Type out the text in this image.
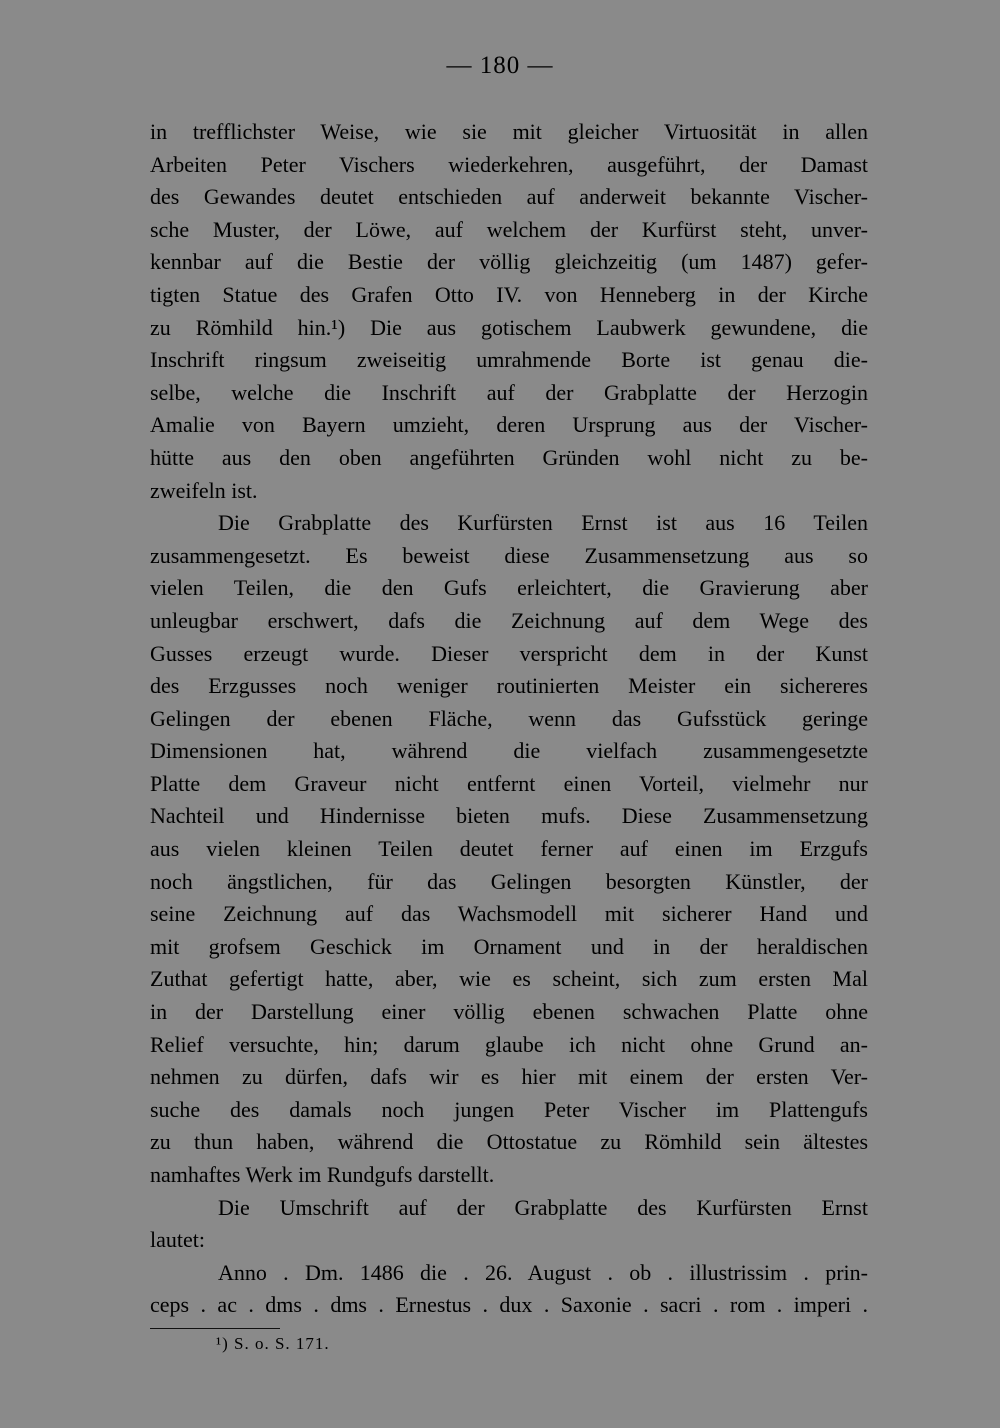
— 180 —
in trefflichster Weise, wie sie mit gleicher Virtuosität in allen
Arbeiten Peter Vischers wiederkehren, ausgeführt, der Damast
des Gewandes deutet entschieden auf anderweit bekannte Vischer-
sche Muster, der Löwe, auf welchem der Kurfürst steht, unver-
kennbar auf die Bestie der völlig gleichzeitig (um 1487) gefer-
tigten Statue des Grafen Otto IV. von Henneberg in der Kirche
zu Römhild hin.¹) Die aus gotischem Laubwerk gewundene, die
Inschrift ringsum zweiseitig umrahmende Borte ist genau die-
selbe, welche die Inschrift auf der Grabplatte der Herzogin
Amalie von Bayern umzieht, deren Ursprung aus der Vischer-
hütte aus den oben angeführten Gründen wohl nicht zu be-
zweifeln ist.
Die Grabplatte des Kurfürsten Ernst ist aus 16 Teilen
zusammengesetzt. Es beweist diese Zusammensetzung aus so
vielen Teilen, die den Gufs erleichtert, die Gravierung aber
unleugbar erschwert, dafs die Zeichnung auf dem Wege des
Gusses erzeugt wurde. Dieser verspricht dem in der Kunst
des Erzgusses noch weniger routinierten Meister ein sichereres
Gelingen der ebenen Fläche, wenn das Gufsstück geringe
Dimensionen hat, während die vielfach zusammengesetzte
Platte dem Graveur nicht entfernt einen Vorteil, vielmehr nur
Nachteil und Hindernisse bieten mufs. Diese Zusammensetzung
aus vielen kleinen Teilen deutet ferner auf einen im Erzgufs
noch ängstlichen, für das Gelingen besorgten Künstler, der
seine Zeichnung auf das Wachsmodell mit sicherer Hand und
mit grofsem Geschick im Ornament und in der heraldischen
Zuthat gefertigt hatte, aber, wie es scheint, sich zum ersten Mal
in der Darstellung einer völlig ebenen schwachen Platte ohne
Relief versuchte, hin; darum glaube ich nicht ohne Grund an-
nehmen zu dürfen, dafs wir es hier mit einem der ersten Ver-
suche des damals noch jungen Peter Vischer im Plattengufs
zu thun haben, während die Ottostatue zu Römhild sein ältestes
namhaftes Werk im Rundgufs darstellt.
Die Umschrift auf der Grabplatte des Kurfürsten Ernst
lautet:
Anno . Dm. 1486 die . 26. August . ob . illustrissim . prin-
ceps . ac . dms . dms . Ernestus . dux . Saxonie . sacri . rom . imperi .
¹) S. o. S. 171.
